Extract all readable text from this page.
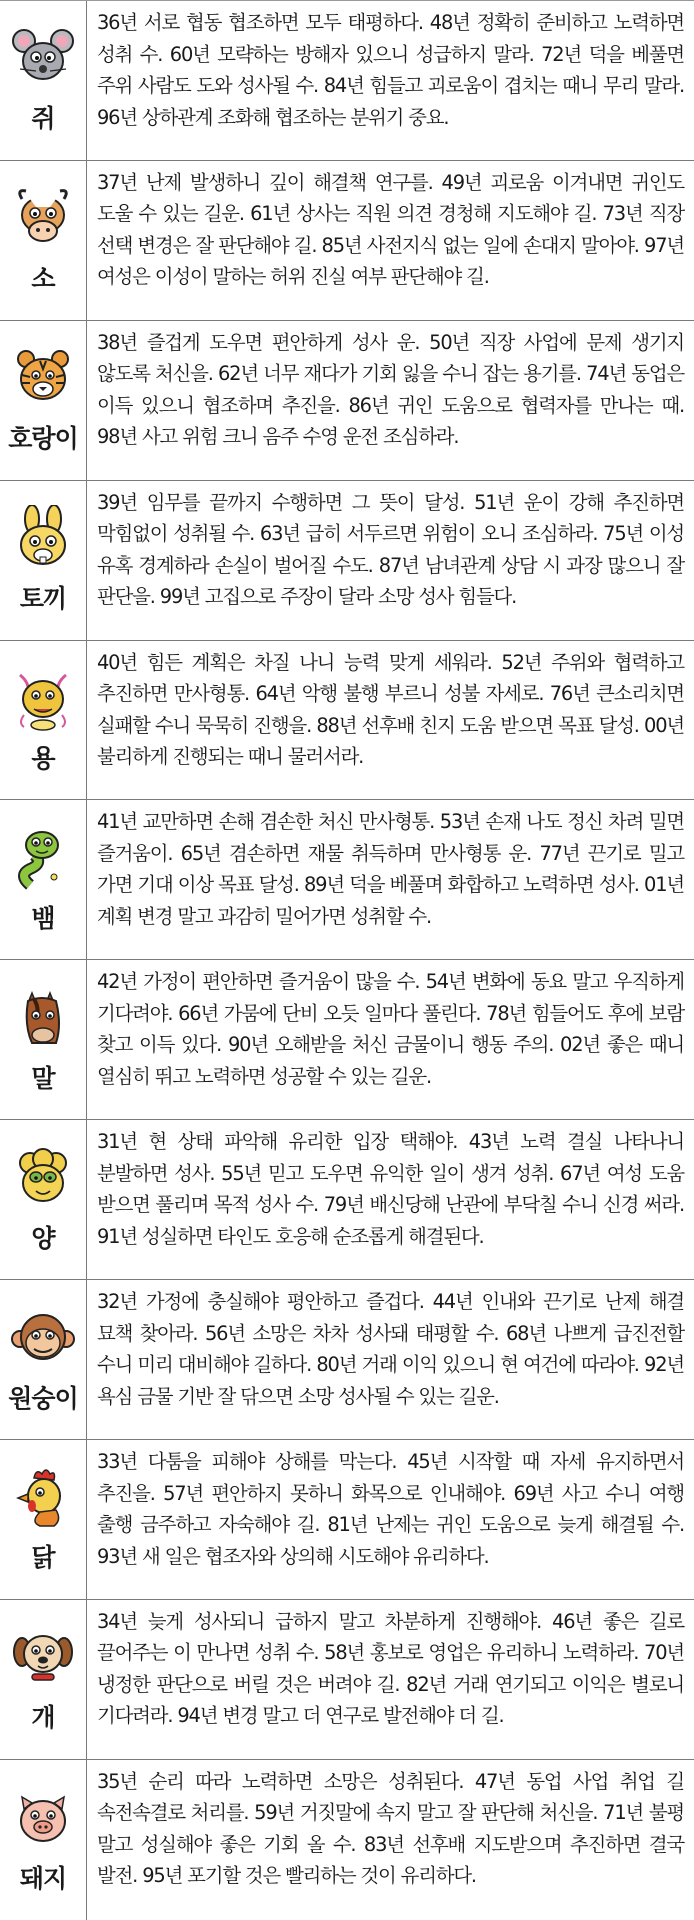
쥐
36년 서로 협동 협조하면 모두 태평하다. 48년 정확히 준비하고 노력하면 성취 수. 60년 모략하는 방해자 있으니 성급하지 말라. 72년 덕을 베풀면 주위 사람도 도와 성사될 수. 84년 힘들고 괴로움이 겹치는 때니 무리 말라. 96년 상하관계 조화해 협조하는 분위기 중요.
소
37년 난제 발생하니 깊이 해결책 연구를. 49년 괴로움 이겨내면 귀인도 도울 수 있는 길운. 61년 상사는 직원 의견 경청해 지도해야 길. 73년 직장 선택 변경은 잘 판단해야 길. 85년 사전지식 없는 일에 손대지 말아야. 97년 여성은 이성이 말하는 허위 진실 여부 판단해야 길.
호랑이
38년 즐겁게 도우면 편안하게 성사 운. 50년 직장 사업에 문제 생기지 않도록 처신을. 62년 너무 재다가 기회 잃을 수니 잡는 용기를. 74년 동업은 이득 있으니 협조하며 추진을. 86년 귀인 도움으로 협력자를 만나는 때. 98년 사고 위험 크니 음주 수영 운전 조심하라.
토끼
39년 임무를 끝까지 수행하면 그 뜻이 달성. 51년 운이 강해 추진하면 막힘없이 성취될 수. 63년 급히 서두르면 위험이 오니 조심하라. 75년 이성 유혹 경계하라 손실이 벌어질 수도. 87년 남녀관계 상담 시 과장 많으니 잘 판단을. 99년 고집으로 주장이 달라 소망 성사 힘들다.
용
40년 힘든 계획은 차질 나니 능력 맞게 세워라. 52년 주위와 협력하고 추진하면 만사형통. 64년 악행 불행 부르니 성불 자세로. 76년 큰소리치면 실패할 수니 묵묵히 진행을. 88년 선후배 친지 도움 받으면 목표 달성. 00년 불리하게 진행되는 때니 물러서라.
뱀
41년 교만하면 손해 겸손한 처신 만사형통. 53년 손재 나도 정신 차려 밀면 즐거움이. 65년 겸손하면 재물 취득하며 만사형통 운. 77년 끈기로 밀고 가면 기대 이상 목표 달성. 89년 덕을 베풀며 화합하고 노력하면 성사. 01년 계획 변경 말고 과감히 밀어가면 성취할 수.
말
42년 가정이 편안하면 즐거움이 많을 수. 54년 변화에 동요 말고 우직하게 기다려야. 66년 가뭄에 단비 오듯 일마다 풀린다. 78년 힘들어도 후에 보람 찾고 이득 있다. 90년 오해받을 처신 금물이니 행동 주의. 02년 좋은 때니 열심히 뛰고 노력하면 성공할 수 있는 길운.
양
31년 현 상태 파악해 유리한 입장 택해야. 43년 노력 결실 나타나니 분발하면 성사. 55년 믿고 도우면 유익한 일이 생겨 성취. 67년 여성 도움 받으면 풀리며 목적 성사 수. 79년 배신당해 난관에 부닥칠 수니 신경 써라. 91년 성실하면 타인도 호응해 순조롭게 해결된다.
원숭이
32년 가정에 충실해야 평안하고 즐겁다. 44년 인내와 끈기로 난제 해결 묘책 찾아라. 56년 소망은 차차 성사돼 태평할 수. 68년 나쁘게 급진전할 수니 미리 대비해야 길하다. 80년 거래 이익 있으니 현 여건에 따라야. 92년 욕심 금물 기반 잘 닦으면 소망 성사될 수 있는 길운.
닭
33년 다툼을 피해야 상해를 막는다. 45년 시작할 때 자세 유지하면서 추진을. 57년 편안하지 못하니 화목으로 인내해야. 69년 사고 수니 여행 출행 금주하고 자숙해야 길. 81년 난제는 귀인 도움으로 늦게 해결될 수. 93년 새 일은 협조자와 상의해 시도해야 유리하다.
개
34년 늦게 성사되니 급하지 말고 차분하게 진행해야. 46년 좋은 길로 끌어주는 이 만나면 성취 수. 58년 홍보로 영업은 유리하니 노력하라. 70년 냉정한 판단으로 버릴 것은 버려야 길. 82년 거래 연기되고 이익은 별로니 기다려라. 94년 변경 말고 더 연구로 발전해야 더 길.
돼지
35년 순리 따라 노력하면 소망은 성취된다. 47년 동업 사업 취업 길 속전속결로 처리를. 59년 거짓말에 속지 말고 잘 판단해 처신을. 71년 불평 말고 성실해야 좋은 기회 올 수. 83년 선후배 지도받으며 추진하면 결국 발전. 95년 포기할 것은 빨리하는 것이 유리하다.
